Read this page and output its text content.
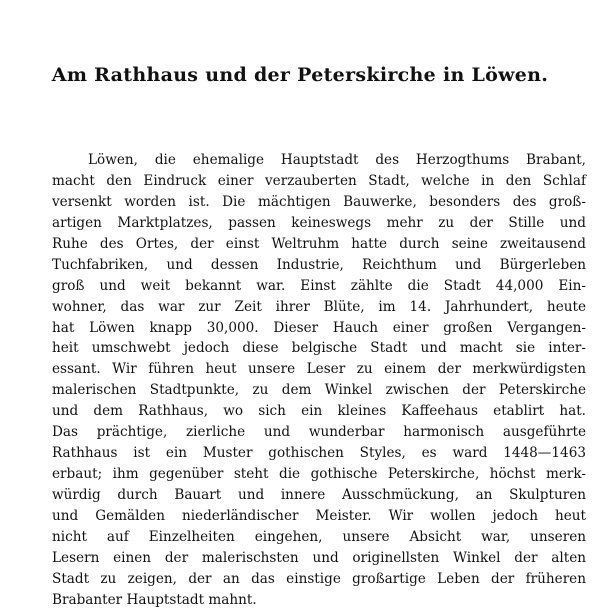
Am Rathhaus und der Peterskirche in Löwen.
Löwen, die ehemalige Hauptstadt des Herzogthums Brabant,
macht den Eindruck einer verzauberten Stadt, welche in den Schlaf
versenkt worden ist. Die mächtigen Bauwerke, besonders des groß-
artigen Marktplatzes, passen keineswegs mehr zu der Stille und
Ruhe des Ortes, der einst Weltruhm hatte durch seine zweitausend
Tuchfabriken, und dessen Industrie, Reichthum und Bürgerleben
groß und weit bekannt war. Einst zählte die Stadt 44,000 Ein-
wohner, das war zur Zeit ihrer Blüte, im 14. Jahrhundert, heute
hat Löwen knapp 30,000. Dieser Hauch einer großen Vergangen-
heit umschwebt jedoch diese belgische Stadt und macht sie inter-
essant. Wir führen heut unsere Leser zu einem der merkwürdigsten
malerischen Stadtpunkte, zu dem Winkel zwischen der Peterskirche
und dem Rathhaus, wo sich ein kleines Kaffeehaus etablirt hat.
Das prächtige, zierliche und wunderbar harmonisch ausgeführte
Rathhaus ist ein Muster gothischen Styles, es ward 1448—1463
erbaut; ihm gegenüber steht die gothische Peterskirche, höchst merk-
würdig durch Bauart und innere Ausschmückung, an Skulpturen
und Gemälden niederländischer Meister. Wir wollen jedoch heut
nicht auf Einzelheiten eingehen, unsere Absicht war, unseren
Lesern einen der malerischsten und originellsten Winkel der alten
Stadt zu zeigen, der an das einstige großartige Leben der früheren
Brabanter Hauptstadt mahnt.
